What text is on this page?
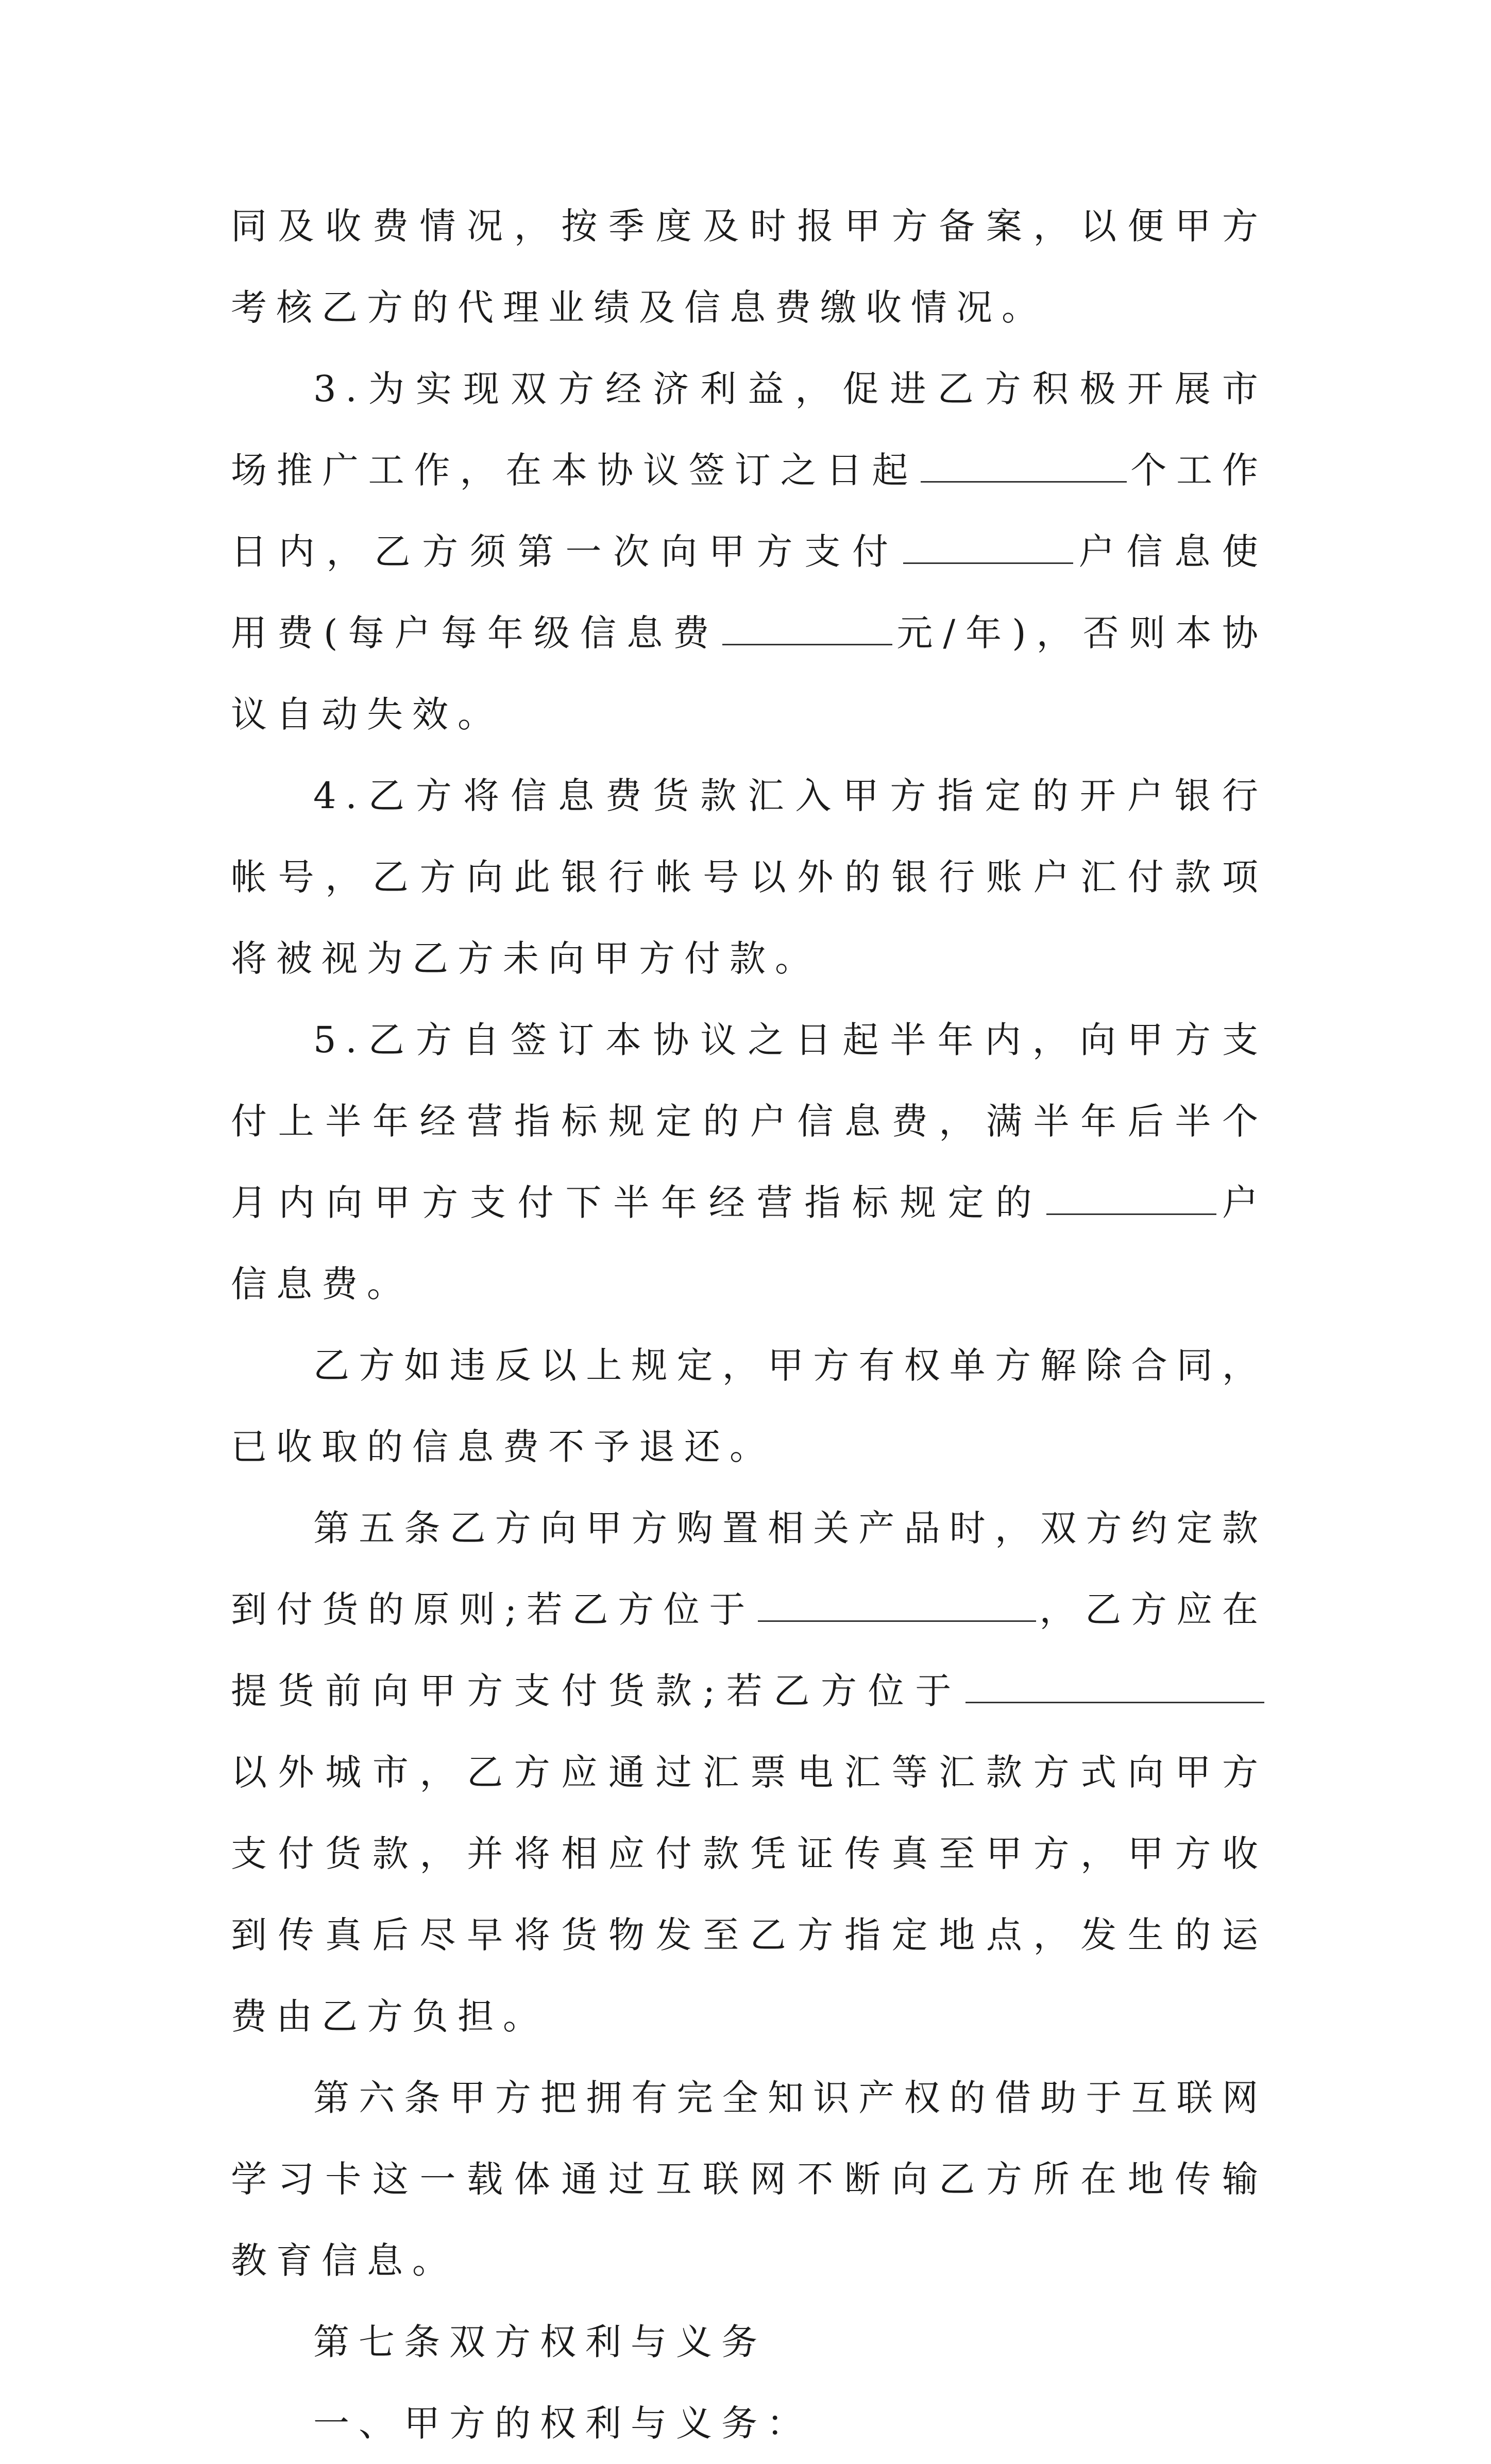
同及收费情况，按季度及时报甲方备案，以便甲方考核乙方的代理业绩及信息费缴收情况。

3.为实现双方经济利益，促进乙方积极开展市场推广工作，在本协议签订之日起	个工作日内，乙方须第一次向甲方支付	户信息使用费(每户每年级信息费	元/年)，否则本协议自动失效。

4.乙方将信息费货款汇入甲方指定的开户银行帐号，乙方向此银行帐号以外的银行账户汇付款项将被视为乙方未向甲方付款。

5.乙方自签订本协议之日起半年内，向甲方支付上半年经营指标规定的户信息费，满半年后半个月内向甲方支付下半年经营指标规定的	户信息费。

乙方如违反以上规定，甲方有权单方解除合同，已收取的信息费不予退还。

第五条乙方向甲方购置相关产品时，双方约定款到付货的原则;若乙方位于	，乙方应在提货前向甲方支付货款;若乙方位于以外城市，乙方应通过汇票电汇等汇款方式向甲方支付货款，并将相应付款凭证传真至甲方，甲方收到传真后尽早将货物发至乙方指定地点，发生的运费由乙方负担。

第六条甲方把拥有完全知识产权的借助于互联网学习卡这一载体通过互联网不断向乙方所在地传输教育信息。

第七条双方权利与义务

一、甲方的权利与义务：
